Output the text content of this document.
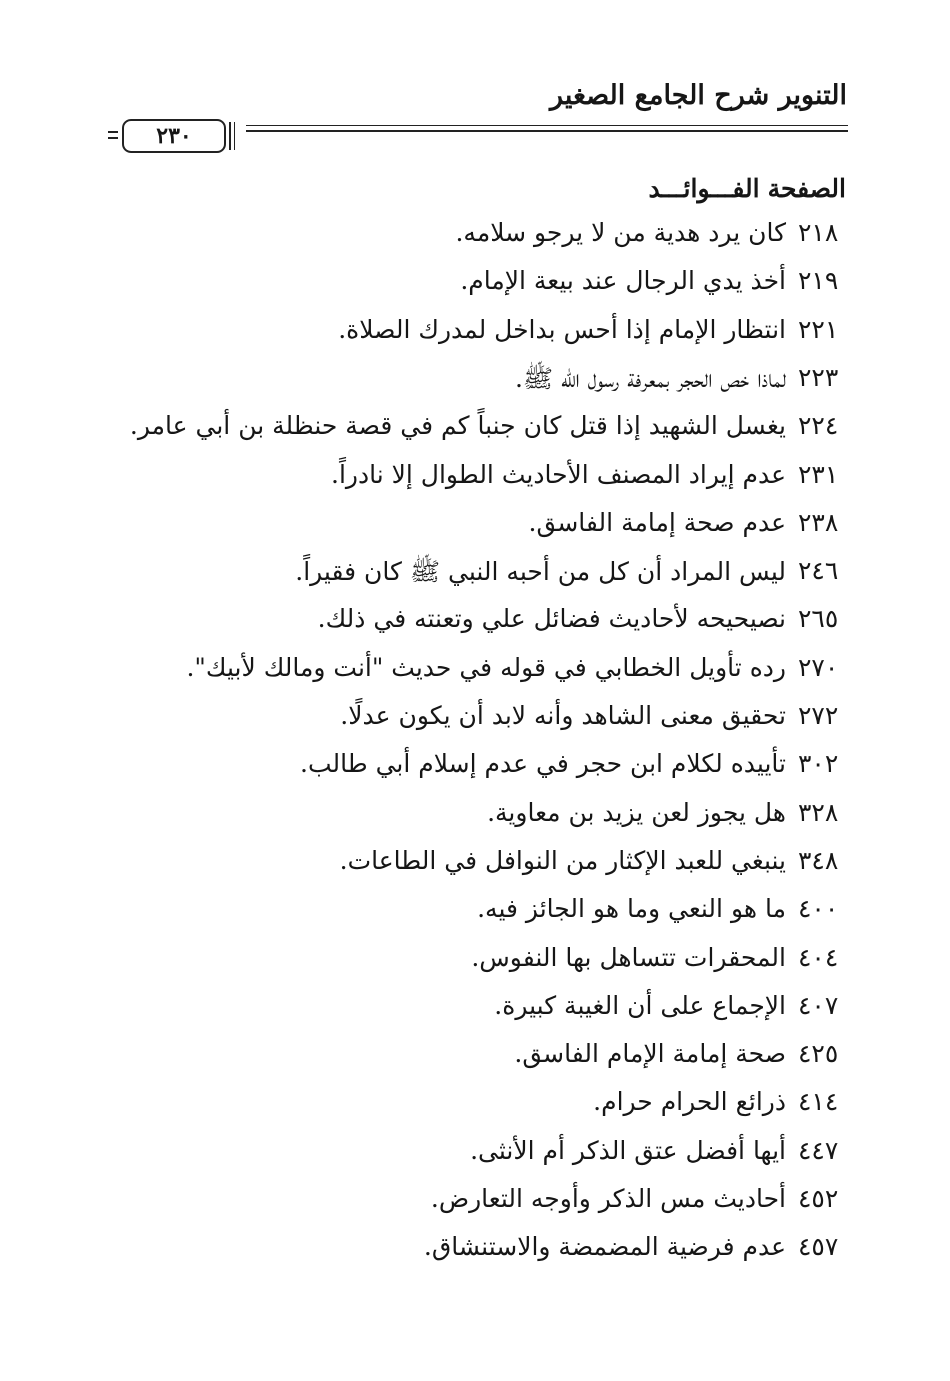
التنوير شرح الجامع الصغير
٢٣٠
الصفحةالفـــوائـــد
٢١٨
كان يرد هدية من لا يرجو سلامه.
٢١٩
أخذ يدي الرجال عند بيعة الإمام.
٢٢١
انتظار الإمام إذا أحس بداخل لمدرك الصلاة.
٢٢٣
لماذا خص الحجر بمعرفة رسول الله ﷺ.
٢٢٤
يغسل الشهيد إذا قتل كان جنباً كم في قصة حنظلة بن أبي عامر.
٢٣١
عدم إيراد المصنف الأحاديث الطوال إلا نادراً.
٢٣٨
عدم صحة إمامة الفاسق.
٢٤٦
ليس المراد أن كل من أحبه النبي ﷺ كان فقيراً.
٢٦٥
نصيحيحه لأحاديث فضائل علي وتعنته في ذلك.
٢٧٠
رده تأويل الخطابي في قوله في حديث "أنت ومالك لأبيك".
٢٧٢
تحقيق معنى الشاهد وأنه لابد أن يكون عدلًا.
٣٠٢
تأييده لكلام ابن حجر في عدم إسلام أبي طالب.
٣٢٨
هل يجوز لعن يزيد بن معاوية.
٣٤٨
ينبغي للعبد الإكثار من النوافل في الطاعات.
٤٠٠
ما هو النعي وما هو الجائز فيه.
٤٠٤
المحقرات تتساهل بها النفوس.
٤٠٧
الإجماع على أن الغيبة كبيرة.
٤٢٥
صحة إمامة الإمام الفاسق.
٤١٤
ذرائع الحرام حرام.
٤٤٧
أيها أفضل عتق الذكر أم الأنثى.
٤٥٢
أحاديث مس الذكر وأوجه التعارض.
٤٥٧
عدم فرضية المضمضة والاستنشاق.
